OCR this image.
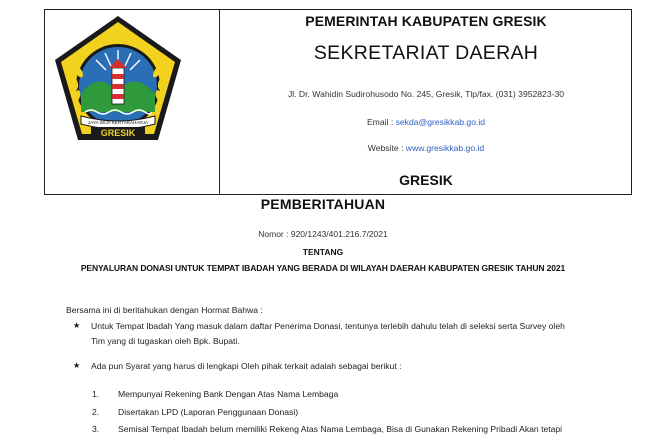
JAYA WIJA KERTARAHARJA
GRESIK
PEMERINTAH KABUPATEN GRESIK
SEKRETARIAT DAERAH
Jl. Dr. Wahidin Sudirohusodo No. 245, Gresik, Tlp/fax. (031) 3952823-30
Email : sekda@gresikkab.go.id
Website : www.gresikkab.go.id
GRESIK
PEMBERITAHUAN
Nomor : 920/1243/401.216.7/2021
TENTANG
PENYALURAN DONASI UNTUK TEMPAT IBADAH YANG BERADA DI WILAYAH DAERAH KABUPATEN GRESIK TAHUN 2021
Bersama ini di beritahukan dengan Hormat Bahwa :
★ Untuk Tempat Ibadah Yang masuk dalam daftar Penerima Donasi, tentunya terlebih dahulu telah di seleksi serta Survey oleh
Tim yang di tugaskan oleh Bpk. Bupati.
★ Ada pun Syarat yang harus di lengkapi Oleh pihak terkait adalah sebagai berikut :
1. Mempunyai Rekening Bank Dengan Atas Nama Lembaga
2. Disertakan LPD (Laporan Penggunaan Donasi)
3. Semisal Tempat Ibadah belum memiliki Rekeng Atas Nama Lembaga, Bisa di Gunakan Rekening Pribadi Akan tetapi
